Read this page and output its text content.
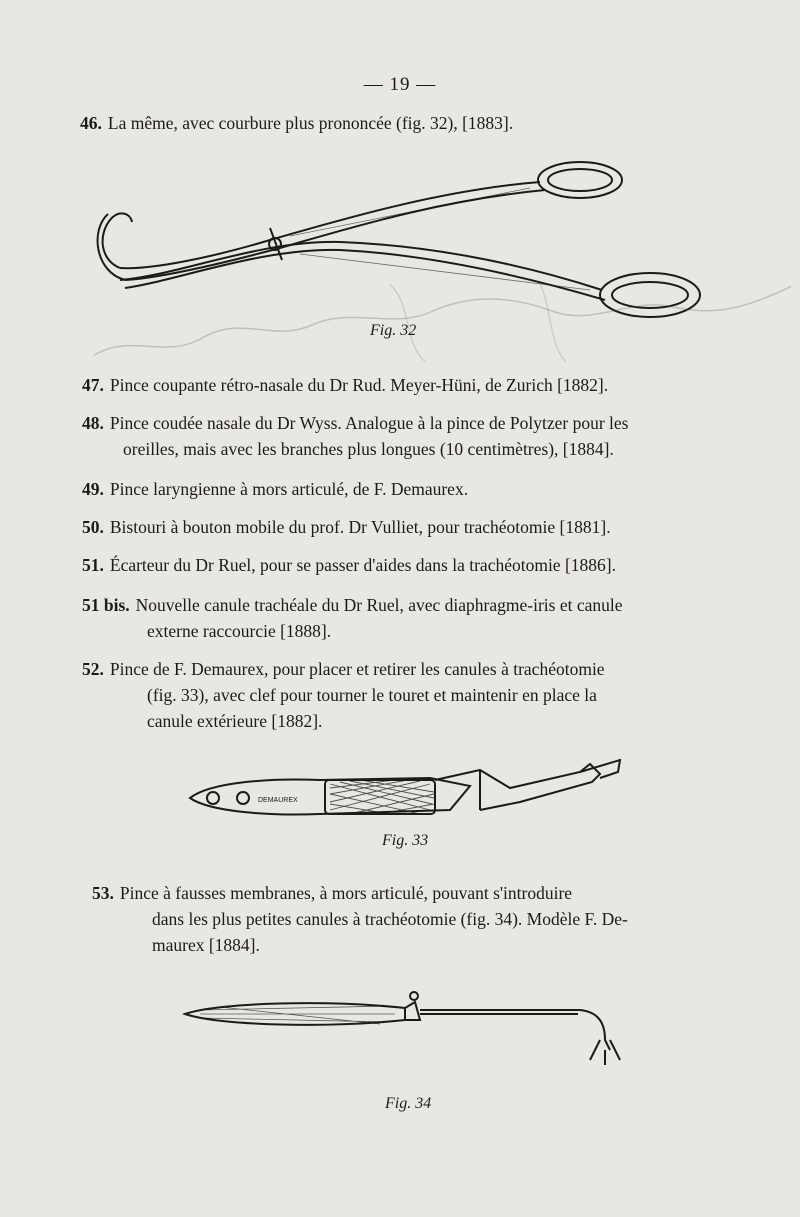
— 19 —
46. La même, avec courbure plus prononcée (fig. 32), [1883].
Fig. 32
47. Pince coupante rétro-nasale du Dr Rud. Meyer-Hüni, de Zurich [1882].
48. Pince coudée nasale du Dr Wyss. Analogue à la pince de Polytzer pour les
oreilles, mais avec les branches plus longues (10 centimètres), [1884].
49. Pince laryngienne à mors articulé, de F. Demaurex.
50. Bistouri à bouton mobile du prof. Dr Vulliet, pour trachéotomie [1881].
51. Écarteur du Dr Ruel, pour se passer d'aides dans la trachéotomie [1886].
51 bis. Nouvelle canule trachéale du Dr Ruel, avec diaphragme-iris et canule
externe raccourcie [1888].
52. Pince de F. Demaurex, pour placer et retirer les canules à trachéotomie
(fig. 33), avec clef pour tourner le touret et maintenir en place la
canule extérieure [1882].
DEMAUREX
Fig. 33
53. Pince à fausses membranes, à mors articulé, pouvant s'introduire
dans les plus petites canules à trachéotomie (fig. 34). Modèle F. De-
maurex [1884].
Fig. 34
